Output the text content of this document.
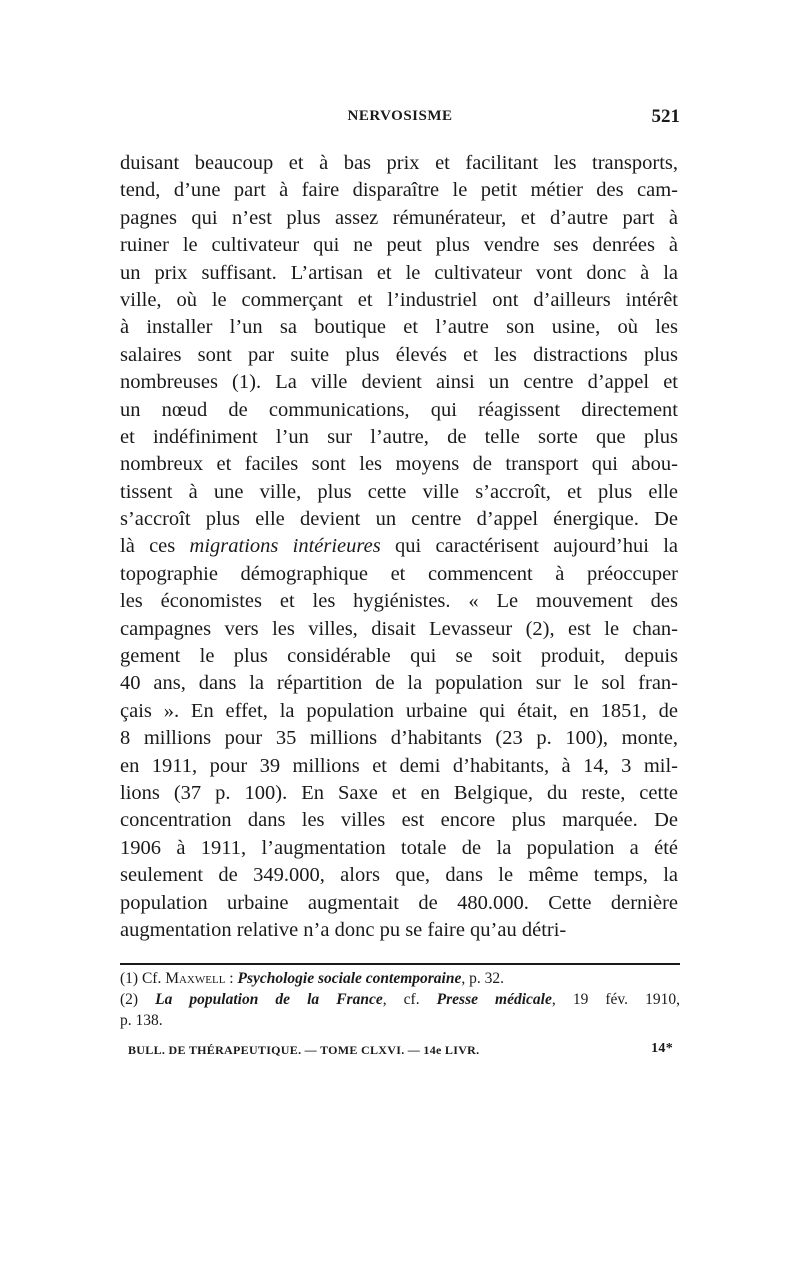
NERVOSISME	521
duisant beaucoup et à bas prix et facilitant les transports,
tend, d’une part à faire disparaître le petit métier des cam-
pagnes qui n’est plus assez rémunérateur, et d’autre part à
ruiner le cultivateur qui ne peut plus vendre ses denrées à
un prix suffisant. L’artisan et le cultivateur vont donc à la
ville, où le commerçant et l’industriel ont d’ailleurs intérêt
à installer l’un sa boutique et l’autre son usine, où les
salaires sont par suite plus élevés et les distractions plus
nombreuses (1). La ville devient ainsi un centre d’appel et
un nœud de communications, qui réagissent directement
et indéfiniment l’un sur l’autre, de telle sorte que plus
nombreux et faciles sont les moyens de transport qui abou-
tissent à une ville, plus cette ville s’accroît, et plus elle
s’accroît plus elle devient un centre d’appel énergique. De
là ces migrations intérieures qui caractérisent aujourd’hui la
topographie démographique et commencent à préoccuper
les économistes et les hygiénistes. « Le mouvement des
campagnes vers les villes, disait Levasseur (2), est le chan-
gement le plus considérable qui se soit produit, depuis
40 ans, dans la répartition de la population sur le sol fran-
çais ». En effet, la population urbaine qui était, en 1851, de
8 millions pour 35 millions d’habitants (23 p. 100), monte,
en 1911, pour 39 millions et demi d’habitants, à 14, 3 mil-
lions (37 p. 100). En Saxe et en Belgique, du reste, cette
concentration dans les villes est encore plus marquée. De
1906 à 1911, l’augmentation totale de la population a été
seulement de 349.000, alors que, dans le même temps, la
population urbaine augmentait de 480.000. Cette dernière
augmentation relative n’a donc pu se faire qu’au détri-
(1) Cf. Maxwell : Psychologie sociale contemporaine, p. 32.
(2) La population de la France, cf. Presse médicale, 19 fév. 1910,
p. 138.
BULL. DE THÉRAPEUTIQUE. — TOME CLXVI. — 14e LIVR.	14*
